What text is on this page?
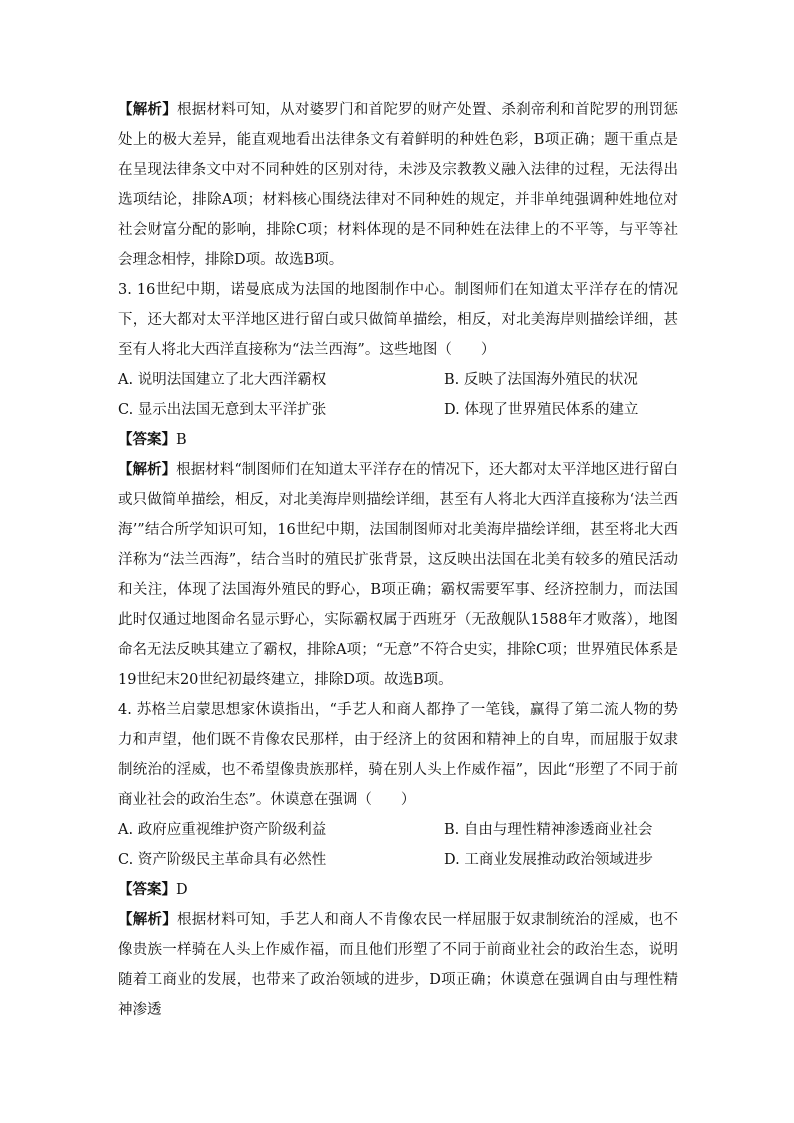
【解析】根据材料可知，从对婆罗门和首陀罗的财产处置、杀刹帝利和首陀罗的刑罚惩处上的极大差异，能直观地看出法律条文有着鲜明的种姓色彩，B项正确；题干重点是在呈现法律条文中对不同种姓的区别对待，未涉及宗教教义融入法律的过程，无法得出选项结论，排除A项；材料核心围绕法律对不同种姓的规定，并非单纯强调种姓地位对社会财富分配的影响，排除C项；材料体现的是不同种姓在法律上的不平等，与平等社会理念相悖，排除D项。故选B项。

3. 16世纪中期，诺曼底成为法国的地图制作中心。制图师们在知道太平洋存在的情况下，还大都对太平洋地区进行留白或只做简单描绘，相反，对北美海岸则描绘详细，甚至有人将北大西洋直接称为“法兰西海”。这些地图（　　）

A. 说明法国建立了北大西洋霸权	B. 反映了法国海外殖民的状况
C. 显示出法国无意到太平洋扩张	D. 体现了世界殖民体系的建立

【答案】B

【解析】根据材料“制图师们在知道太平洋存在的情况下，还大都对太平洋地区进行留白或只做简单描绘，相反，对北美海岸则描绘详细，甚至有人将北大西洋直接称为‘法兰西海’”结合所学知识可知，16世纪中期，法国制图师对北美海岸描绘详细，甚至将北大西洋称为“法兰西海”，结合当时的殖民扩张背景，这反映出法国在北美有较多的殖民活动和关注，体现了法国海外殖民的野心，B项正确；霸权需要军事、经济控制力，而法国此时仅通过地图命名显示野心，实际霸权属于西班牙（无敌舰队1588年才败落），地图命名无法反映其建立了霸权，排除A项；“无意”不符合史实，排除C项；世界殖民体系是19世纪末20世纪初最终建立，排除D项。故选B项。

4. 苏格兰启蒙思想家休谟指出，“手艺人和商人都挣了一笔钱，赢得了第二流人物的势力和声望，他们既不肯像农民那样，由于经济上的贫困和精神上的自卑，而屈服于奴隶制统治的淫威，也不希望像贵族那样，骑在别人头上作威作福”，因此“形塑了不同于前商业社会的政治生态”。休谟意在强调（　　）

A. 政府应重视维护资产阶级利益	B. 自由与理性精神渗透商业社会
C. 资产阶级民主革命具有必然性	D. 工商业发展推动政治领域进步

【答案】D

【解析】根据材料可知，手艺人和商人不肯像农民一样屈服于奴隶制统治的淫威，也不像贵族一样骑在人头上作威作福，而且他们形塑了不同于前商业社会的政治生态，说明随着工商业的发展，也带来了政治领域的进步，D项正确；休谟意在强调自由与理性精神渗透
